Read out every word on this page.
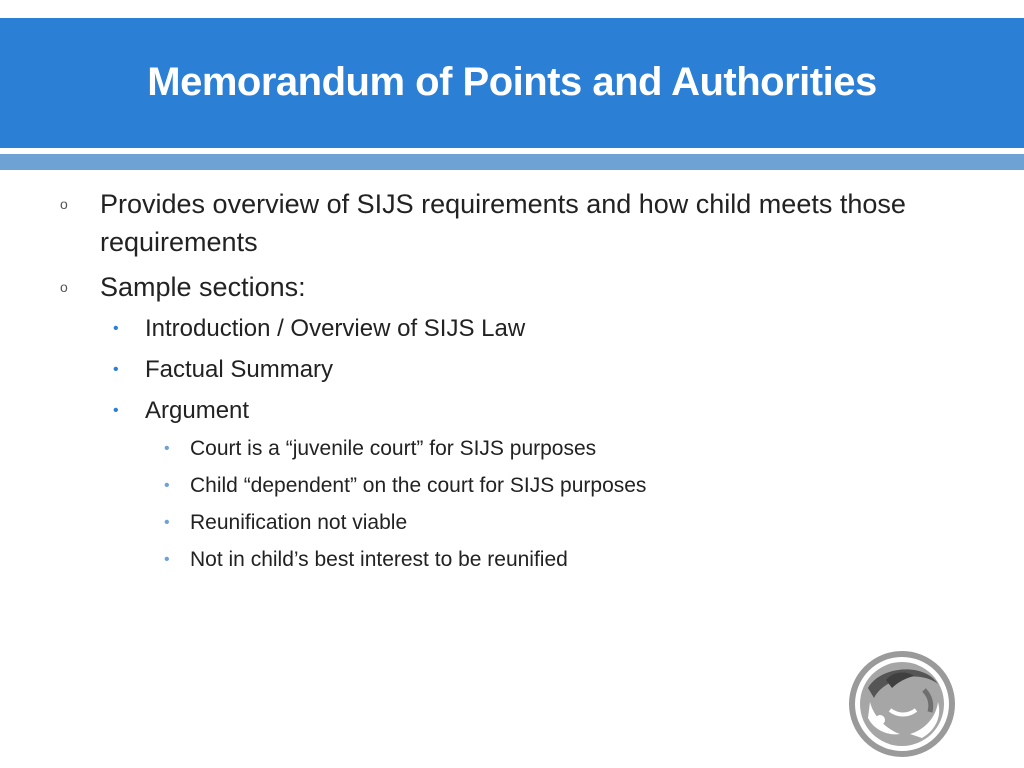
Memorandum of Points and Authorities
o Provides overview of SIJS requirements and how child meets those requirements
o Sample sections:
• Introduction / Overview of SIJS Law
• Factual Summary
• Argument
• Court is a “juvenile court” for SIJS purposes
• Child “dependent” on the court for SIJS purposes
• Reunification not viable
• Not in child’s best interest to be reunified
